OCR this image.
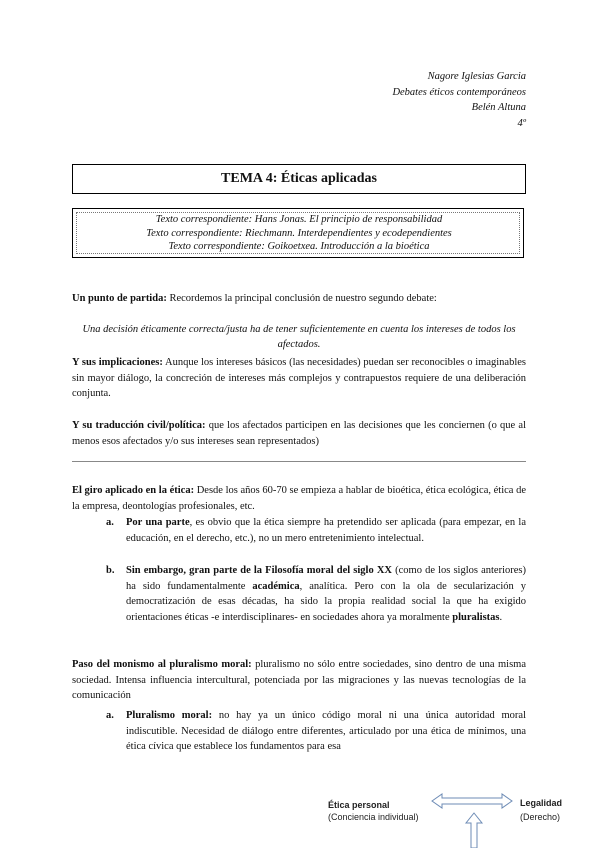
Nagore Iglesias Garcia
Debates éticos contemporáneos
Belén Altuna
4º
TEMA 4: Éticas aplicadas
Texto correspondiente: Hans Jonas. El principio de responsabilidad
Texto correspondiente: Riechmann. Interdependientes y ecodependientes
Texto correspondiente: Goikoetxea. Introducción a la bioética
Un punto de partida: Recordemos la principal conclusión de nuestro segundo debate:
Una decisión éticamente correcta/justa ha de tener suficientemente en cuenta los intereses de todos los afectados.
Y sus implicaciones: Aunque los intereses básicos (las necesidades) puedan ser reconocibles o imaginables sin mayor diálogo, la concreción de intereses más complejos y contrapuestos requiere de una deliberación conjunta.
Y su traducción civil/política: que los afectados participen en las decisiones que les conciernen (o que al menos esos afectados y/o sus intereses sean representados)
El giro aplicado en la ética: Desde los años 60-70 se empieza a hablar de bioética, ética ecológica, ética de la empresa, deontologías profesionales, etc.
a. Por una parte, es obvio que la ética siempre ha pretendido ser aplicada (para empezar, en la educación, en el derecho, etc.), no un mero entretenimiento intelectual.
b. Sin embargo, gran parte de la Filosofía moral del siglo XX (como de los siglos anteriores) ha sido fundamentalmente académica, analítica. Pero con la ola de secularización y democratización de esas décadas, ha sido la propia realidad social la que ha exigido orientaciones éticas -e interdisciplinares- en sociedades ahora ya moralmente pluralistas.
Paso del monismo al pluralismo moral: pluralismo no sólo entre sociedades, sino dentro de una misma sociedad. Intensa influencia intercultural, potenciada por las migraciones y las nuevas tecnologías de la comunicación
a. Pluralismo moral: no hay ya un único código moral ni una única autoridad moral indiscutible. Necesidad de diálogo entre diferentes, articulado por una ética de mínimos, una ética cívica que establece los fundamentos para esa
Ética personal
(Conciencia individual)
Legalidad
(Derecho)
